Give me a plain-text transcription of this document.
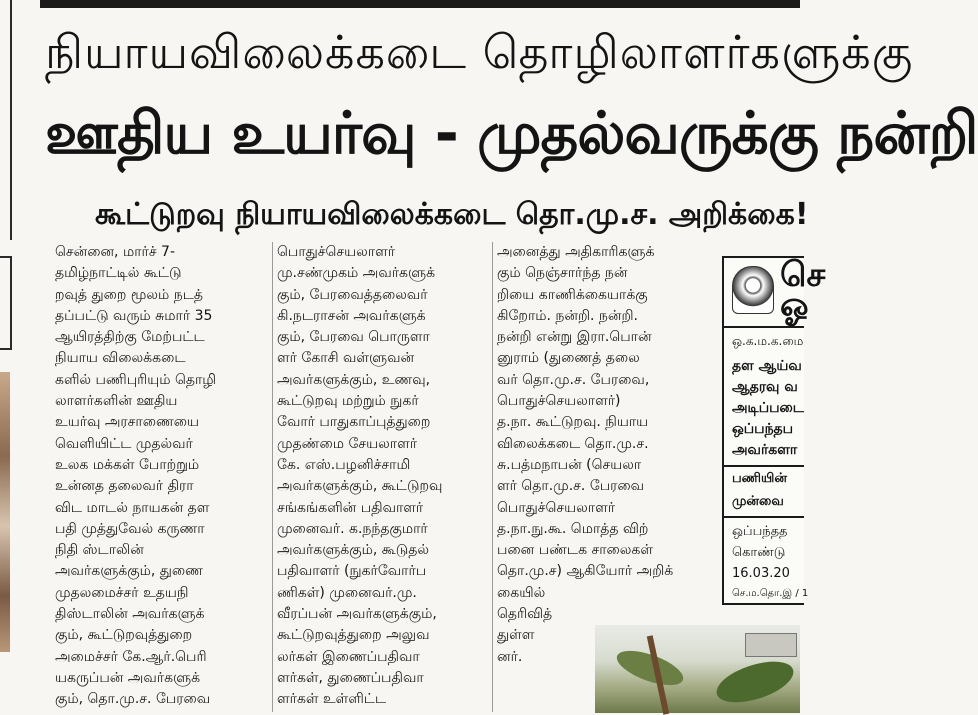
நியாயவிலைக்கடை தொழிலாளர்களுக்கு
ஊதிய உயர்வு - முதல்வருக்கு நன்றி
கூட்டுறவு நியாயவிலைக்கடை தொ.மு.ச. அறிக்கை!

சென்னை, மார்ச் 7-
தமிழ்நாட்டில் கூட்டு
றவுத் துறை மூலம் நடத்
தப்பட்டு வரும் சுமார் 35
ஆயிரத்திற்கு மேற்பட்ட
நியாய விலைக்கடை
களில் பணிபுரியும் தொழி
லாளர்களின் ஊதிய
உயர்வு அரசாணையை
வெளியிட்ட முதல்வர்
உலக மக்கள் போற்றும்
உன்னத தலைவர் திரா
விட மாடல் நாயகன் தள
பதி முத்துவேல் கருணா
நிதி ஸ்டாலின்
அவர்களுக்கும், துணை
முதலமைச்சர் உதயநி
திஸ்டாலின் அவர்களுக்
கும், கூட்டுறவுத்துறை
அமைச்சர் கே.ஆர்.பெரி
யகருப்பன் அவர்களுக்
கும், தொ.மு.ச. பேரவை

பொதுச்செயலாளர்
மு.சண்முகம் அவர்களுக்
கும், பேரவைத்தலைவர்
கி.நடராசன் அவர்களுக்
கும், பேரவை பொருளா
ளர் கோசி வள்ளுவன்
அவர்களுக்கும், உணவு,
கூட்டுறவு மற்றும் நுகர்
வோர் பாதுகாப்புத்துறை
முதண்மை சேயலாளர்
கே. எஸ்.பழனிச்சாமி
அவர்களுக்கும், கூட்டுறவு
சங்கங்களின் பதிவாளர்
முனைவர். க.நந்தகுமார்
அவர்களுக்கும், கூடுதல்
பதிவாளர் (நுகர்வோர்ப
ணிகள்) முனைவர்.மு.
வீரப்பன் அவர்களுக்கும்,
கூட்டுறவுத்துறை அலுவ
லர்கள் இணைப்பதிவா
ளர்கள், துணைப்பதிவா
ளர்கள் உள்ளிட்ட

அனைத்து அதிகாரிகளுக்
கும் நெஞ்சார்ந்த நன்
றியை காணிக்கையாக்கு
கிறோம். நன்றி. நன்றி.
நன்றி என்று இரா.பொன்
னுராம் (துணைத் தலை
வர் தொ.மு.ச. பேரவை,
பொதுச்செயலாளர்)
த.நா. கூட்டுறவு. நியாய
விலைக்கடை தொ.மு.ச.
சு.பத்மநாபன் (செயலா
ளர் தொ.மு.ச. பேரவை
பொதுச்செயலாளர்
த.நா.நு.கூ. மொத்த விற்
பனை பண்டக சாலைகள்
தொ.மு.ச) ஆகியோர் அறிக்
கையில்
தெரிவித்
துள்ள
னர்.

செ
ஓ
ஒ.க.ம.க.மை
தள ஆய்வ
ஆதரவு வ
அடிப்படை
ஒப்பந்தப
அவர்களா
பணியின்
முன்வை
ஒப்பந்தத
கொண்டு
16.03.20
செ.ம.தொ.இ / 1
